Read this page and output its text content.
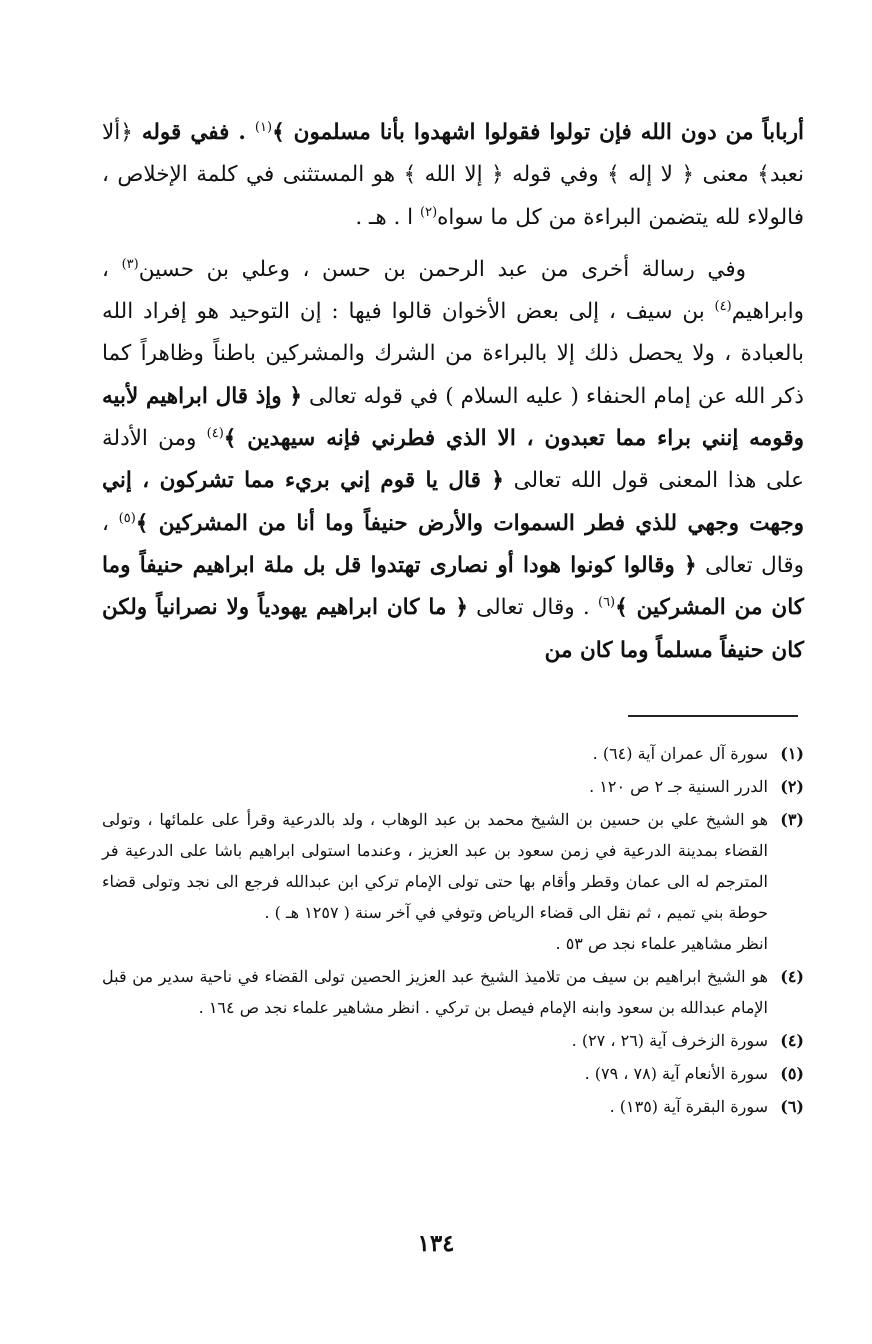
أرباباً من دون الله فإن تولوا فقولوا اشهدوا بأنا مسلمون ﴾$^{(١)}$ . ففي قوله ﴿ألا نعبد﴾ معنى ﴿ لا إله ﴾ وفي قوله ﴿ إلا الله ﴾ هو المستثنى في كلمة الإخلاص ، فالولاء لله يتضمن البراءة من كل ما سواه$^{(٢)}$ ا . هـ .

وفي رسالة أخرى من عبد الرحمن بن حسن ، وعلي بن حسين$^{(٣)}$ ، وابراهيم$^{(٤)}$ بن سيف ، إلى بعض الأخوان قالوا فيها : إن التوحيد هو إفراد الله بالعبادة ، ولا يحصل ذلك إلا بالبراءة من الشرك والمشركين باطناً وظاهراً كما ذكر الله عن إمام الحنفاء ( عليه السلام ) في قوله تعالى ﴿ وإذ قال ابراهيم لأبيه وقومه إنني براء مما تعبدون ، الا الذي فطرني فإنه سيهدين ﴾$^{(٤)}$ ومن الأدلة على هذا المعنى قول الله تعالى ﴿ قال يا قوم إني بريء مما تشركون ، إني وجهت وجهي للذي فطر السموات والأرض حنيفاً وما أنا من المشركين ﴾$^{(٥)}$ ، وقال تعالى ﴿ وقالوا كونوا هودا أو نصارى تهتدوا قل بل ملة ابراهيم حنيفاً وما كان من المشركين ﴾$^{(٦)}$ . وقال تعالى ﴿ ما كان ابراهيم يهودياً ولا نصرانياً ولكن كان حنيفاً مسلماً وما كان من

(١)
سورة آل عمران آية (٦٤) .
(٢)
الدرر السنية جـ ٢ ص ١٢٠ .
(٣)
هو الشيخ علي بن حسين بن الشيخ محمد بن عبد الوهاب ، ولد بالدرعية وقرأ على علمائها ، وتولى القضاء بمدينة الدرعية في زمن سعود بن عبد العزيز ، وعندما استولى ابراهيم باشا على الدرعية فر المترجم له الى عمان وقطر وأقام بها حتى تولى الإمام تركي ابن عبدالله فرجع الى نجد وتولى قضاء حوطة بني تميم ، ثم نقل الى قضاء الرياض وتوفي في آخر سنة ( ١٢٥٧ هـ ) .
انظر مشاهير علماء نجد ص ٥٣ .
(٤)
هو الشيخ ابراهيم بن سيف من تلاميذ الشيخ عبد العزيز الحصين تولى القضاء في ناحية سدير من قبل الإمام عبدالله بن سعود وابنه الإمام فيصل بن تركي . انظر مشاهير علماء نجد ص ١٦٤ .
(٤)
سورة الزخرف آية (٢٦ ، ٢٧) .
(٥)
سورة الأنعام آية (٧٨ ، ٧٩) .
(٦)
سورة البقرة آية (١٣٥) .
١٣٤
